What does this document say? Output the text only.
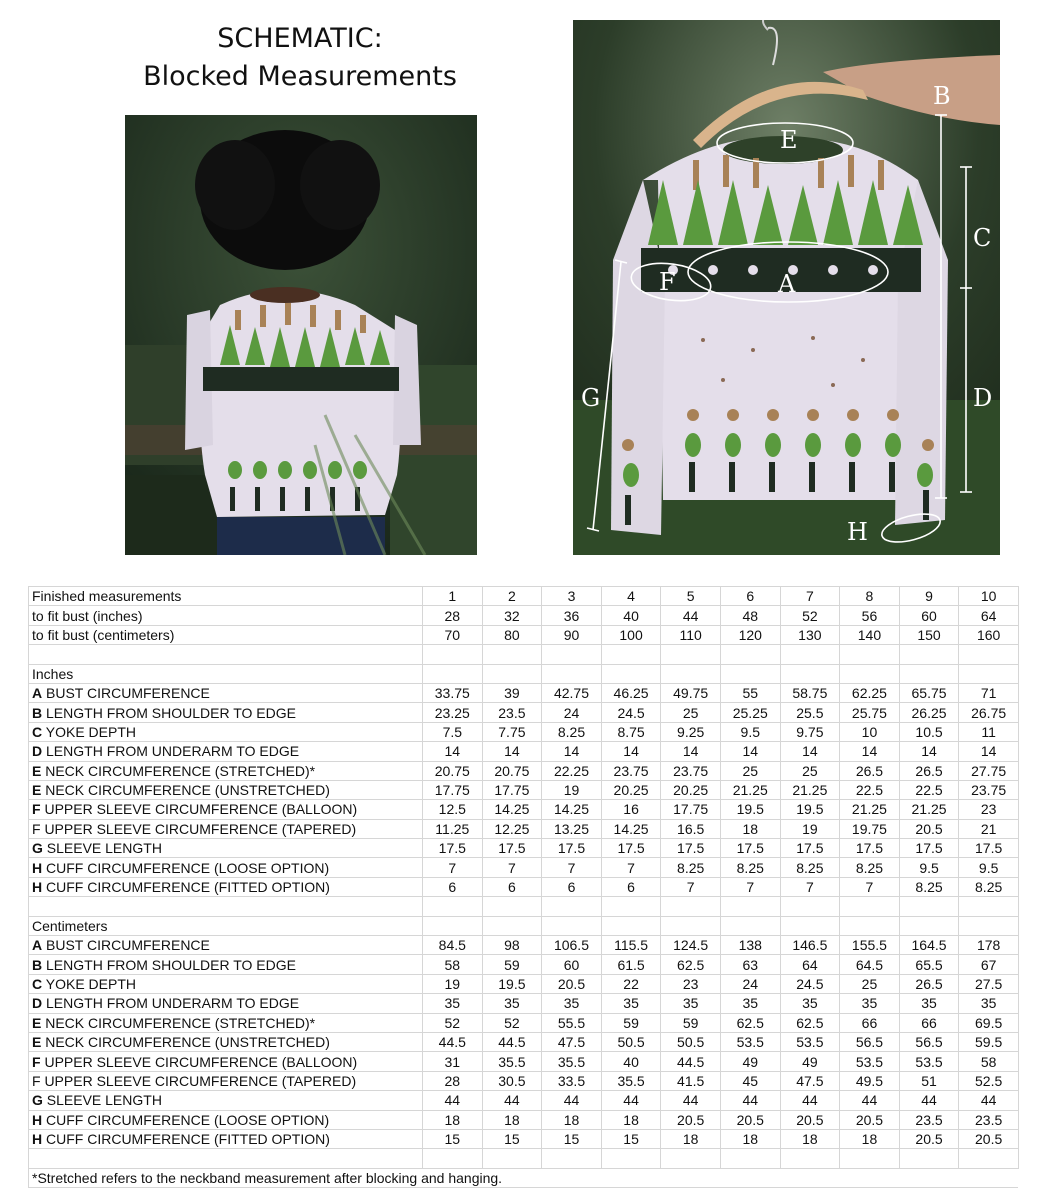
SCHEMATIC:
Blocked Measurements
E
A
F
B
C
D
G
H
Finished measurements	1	2	3	4	5	6	7	8	9	10
to fit bust (inches)	28	32	36	40	44	48	52	56	60	64
to fit bust (centimeters)	70	80	90	100	110	120	130	140	150	160

Inches										
A BUST CIRCUMFERENCE	33.75	39	42.75	46.25	49.75	55	58.75	62.25	65.75	71
B LENGTH FROM SHOULDER TO EDGE	23.25	23.5	24	24.5	25	25.25	25.5	25.75	26.25	26.75
C YOKE DEPTH	7.5	7.75	8.25	8.75	9.25	9.5	9.75	10	10.5	11
D LENGTH FROM UNDERARM TO EDGE	14	14	14	14	14	14	14	14	14	14
E NECK CIRCUMFERENCE (STRETCHED)*	20.75	20.75	22.25	23.75	23.75	25	25	26.5	26.5	27.75
E NECK CIRCUMFERENCE (UNSTRETCHED)	17.75	17.75	19	20.25	20.25	21.25	21.25	22.5	22.5	23.75
F UPPER SLEEVE CIRCUMFERENCE (BALLOON)	12.5	14.25	14.25	16	17.75	19.5	19.5	21.25	21.25	23
F UPPER SLEEVE CIRCUMFERENCE (TAPERED)	11.25	12.25	13.25	14.25	16.5	18	19	19.75	20.5	21
G SLEEVE LENGTH	17.5	17.5	17.5	17.5	17.5	17.5	17.5	17.5	17.5	17.5
H CUFF CIRCUMFERENCE (LOOSE OPTION)	7	7	7	7	8.25	8.25	8.25	8.25	9.5	9.5
H CUFF CIRCUMFERENCE (FITTED OPTION)	6	6	6	6	7	7	7	7	8.25	8.25

Centimeters										
A BUST CIRCUMFERENCE	84.5	98	106.5	115.5	124.5	138	146.5	155.5	164.5	178
B LENGTH FROM SHOULDER TO EDGE	58	59	60	61.5	62.5	63	64	64.5	65.5	67
C YOKE DEPTH	19	19.5	20.5	22	23	24	24.5	25	26.5	27.5
D LENGTH FROM UNDERARM TO EDGE	35	35	35	35	35	35	35	35	35	35
E NECK CIRCUMFERENCE (STRETCHED)*	52	52	55.5	59	59	62.5	62.5	66	66	69.5
E NECK CIRCUMFERENCE (UNSTRETCHED)	44.5	44.5	47.5	50.5	50.5	53.5	53.5	56.5	56.5	59.5
F UPPER SLEEVE CIRCUMFERENCE (BALLOON)	31	35.5	35.5	40	44.5	49	49	53.5	53.5	58
F UPPER SLEEVE CIRCUMFERENCE (TAPERED)	28	30.5	33.5	35.5	41.5	45	47.5	49.5	51	52.5
G SLEEVE LENGTH	44	44	44	44	44	44	44	44	44	44
H CUFF CIRCUMFERENCE (LOOSE OPTION)	18	18	18	18	20.5	20.5	20.5	20.5	23.5	23.5
H CUFF CIRCUMFERENCE (FITTED OPTION)	15	15	15	15	18	18	18	18	20.5	20.5

*Stretched refers to the neckband measurement after blocking and hanging.										
